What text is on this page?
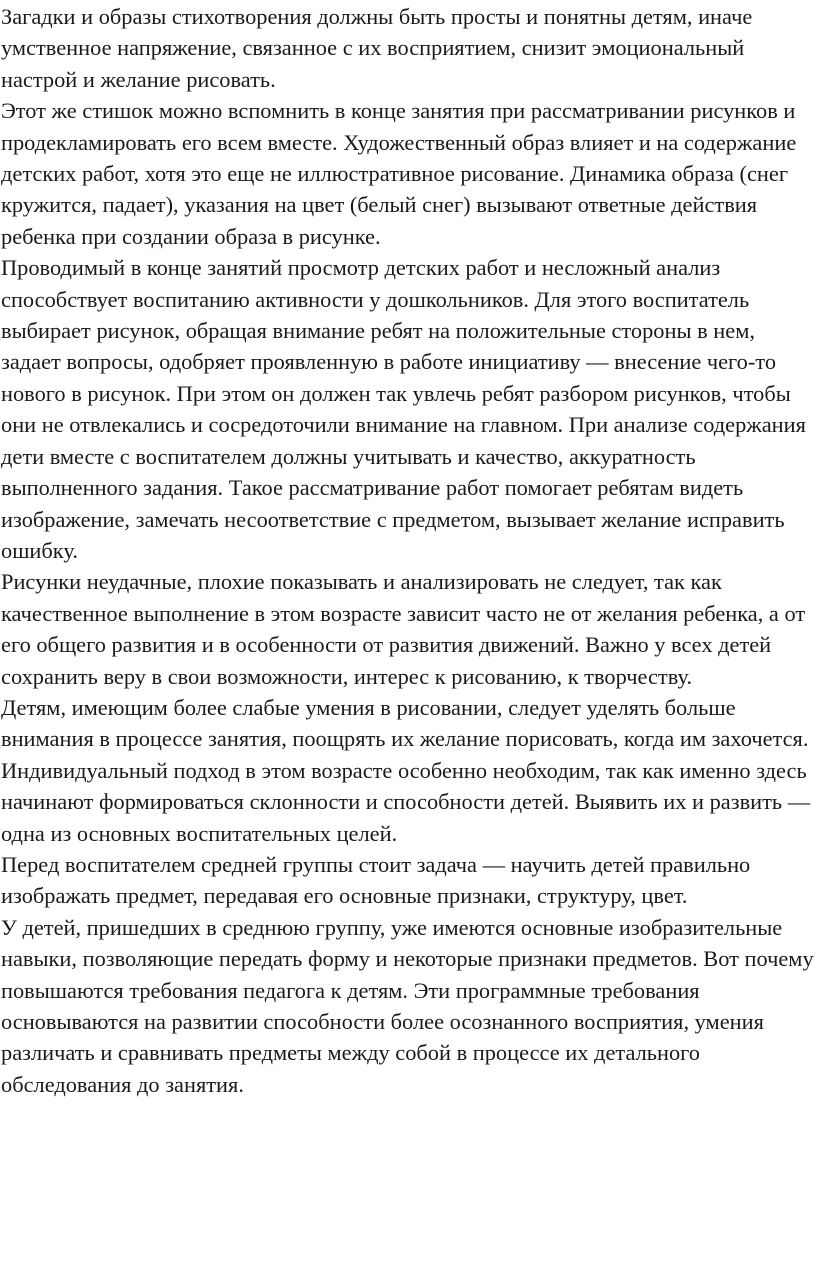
Загадки и образы стихотворения должны быть просты и понятны детям, иначе умственное напряжение, связанное с их восприятием, снизит эмоциональный настрой и желание рисовать.

Этот же стишок можно вспомнить в конце занятия при рассматривании рисунков и продекламировать его всем вместе. Художественный образ влияет и на содержание детских работ, хотя это еще не иллюстративное рисование. Динамика образа (снег кружится, падает), указания на цвет (белый снег) вызывают ответные действия ребенка при создании образа в рисунке.

Проводимый в конце занятий просмотр детских работ и несложный анализ способствует воспитанию активности у дошкольников. Для этого воспитатель выбирает рисунок, обращая внимание ребят на положительные стороны в нем, задает вопросы, одобряет проявленную в работе инициативу — внесение чего-то нового в рисунок. При этом он должен так увлечь ребят разбором рисунков, чтобы они не отвлекались и сосредоточили внимание на главном. При анализе содержания дети вместе с воспитателем должны учитывать и качество, аккуратность выполненного задания. Такое рассматривание работ помогает ребятам видеть изображение, замечать несоответствие с предметом, вызывает желание исправить ошибку.

Рисунки неудачные, плохие показывать и анализировать не следует, так как качественное выполнение в этом возрасте зависит часто не от желания ребенка, а от его общего развития и в особенности от развития движений. Важно у всех детей сохранить веру в свои возможности, интерес к рисованию, к творчеству.

Детям, имеющим более слабые умения в рисовании, следует уделять больше внимания в процессе занятия, поощрять их желание порисовать, когда им захочется.

Индивидуальный подход в этом возрасте особенно необходим, так как именно здесь начинают формироваться склонности и способности детей. Выявить их и развить — одна из основных воспитательных целей.

Перед воспитателем средней группы стоит задача — научить детей правильно изображать предмет, передавая его основные признаки, структуру, цвет.

У детей, пришедших в среднюю группу, уже имеются основные изобразительные навыки, позволяющие передать форму и некоторые признаки предметов. Вот почему повышаются требования педагога к детям. Эти программные требования основываются на развитии способности более осознанного восприятия, умения различать и сравнивать предметы между собой в процессе их детального обследования до занятия.
